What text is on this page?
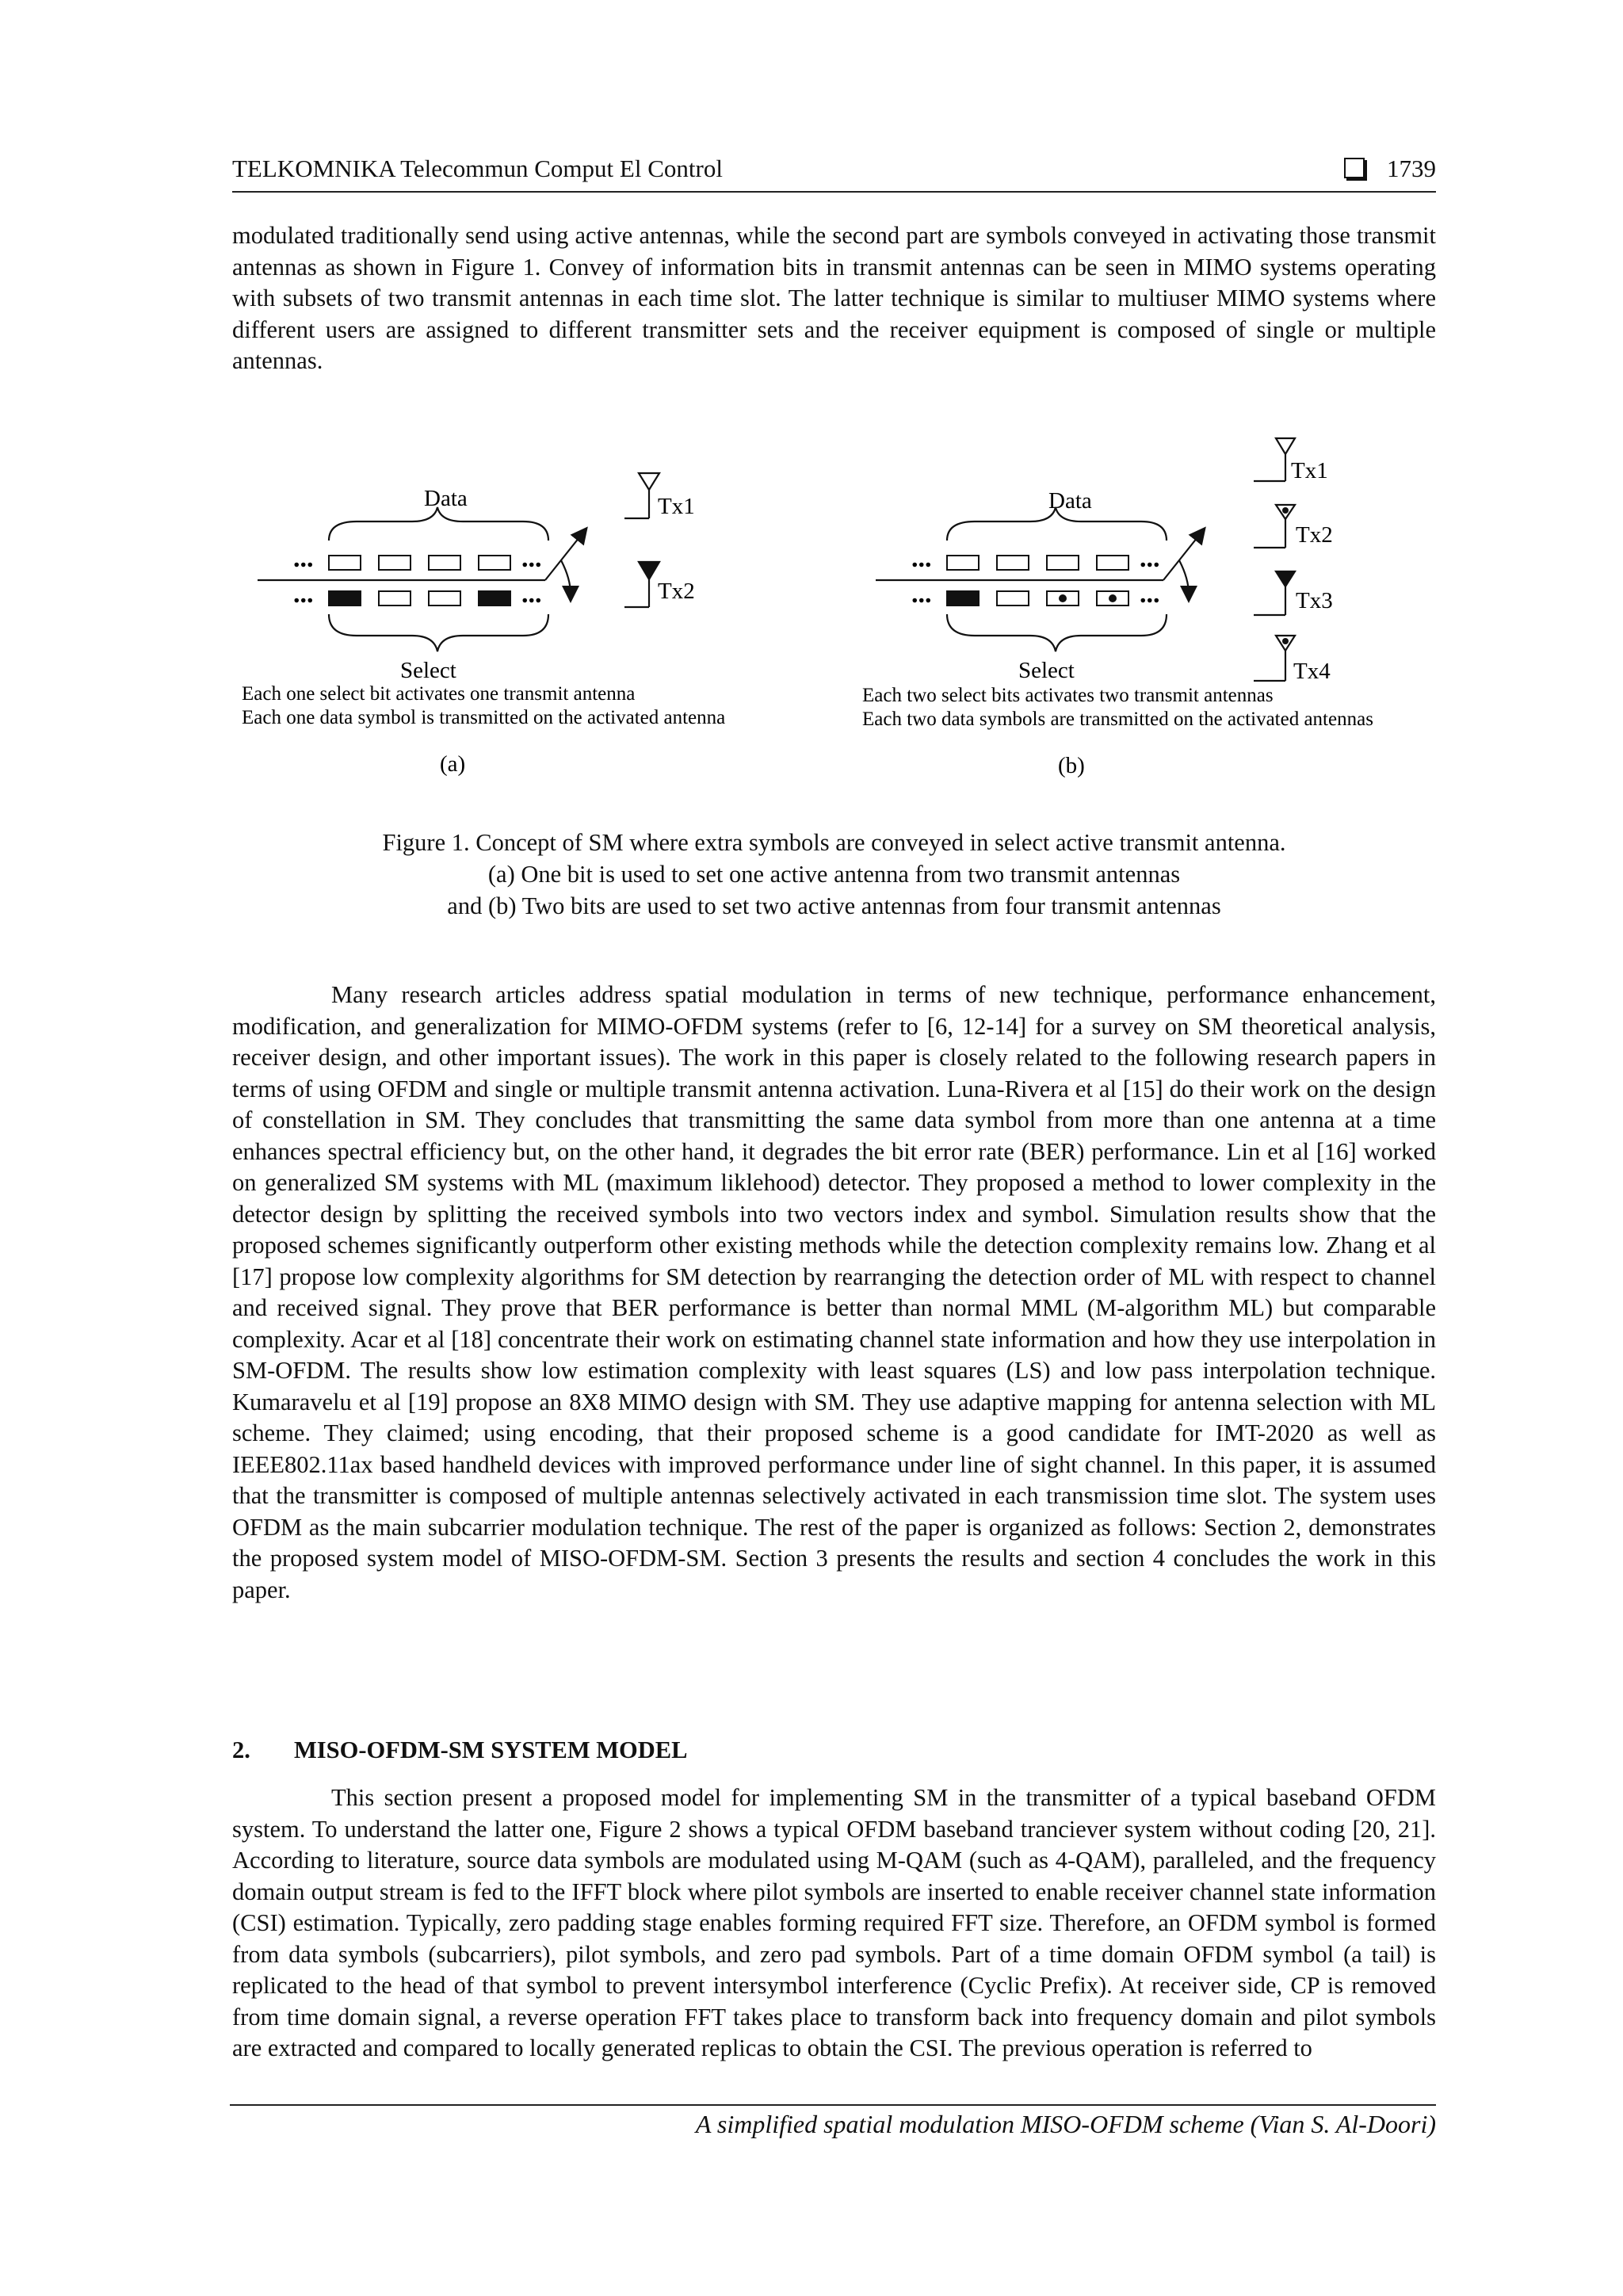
TELKOMNIKA Telecommun Comput El Control	1739

modulated traditionally send using active antennas, while the second part are symbols conveyed in activating those transmit antennas as shown in Figure 1. Convey of information bits in transmit antennas can be seen in MIMO systems operating with subsets of two transmit antennas in each time slot. The latter technique is similar to multiuser MIMO systems where different users are assigned to different transmitter sets and the receiver equipment is composed of single or multiple antennas.

Data
...	...
...	...
Select
Tx1
Tx2
Each one select bit activates one transmit antenna
Each one data symbol is transmitted on the activated antenna
(a)
Data
...	...
...	...
Select
Tx1
Tx2
Tx3
Tx4
Each two select bits activates two transmit antennas
Each two data symbols are transmitted on the activated antennas
(b)
Figure 1. Concept of SM where extra symbols are conveyed in select active transmit antenna.
(a) One bit is used to set one active antenna from two transmit antennas
and (b) Two bits are used to set two active antennas from four transmit antennas

Many research articles address spatial modulation in terms of new technique, performance enhancement, modification, and generalization for MIMO-OFDM systems (refer to [6, 12-14] for a survey on SM theoretical analysis, receiver design, and other important issues). The work in this paper is closely related to the following research papers in terms of using OFDM and single or multiple transmit antenna activation. Luna-Rivera et al [15] do their work on the design of constellation in SM. They concludes that transmitting the same data symbol from more than one antenna at a time enhances spectral efficiency but, on the other hand, it degrades the bit error rate (BER) performance. Lin et al [16] worked on generalized SM systems with ML (maximum liklehood) detector. They proposed a method to lower complexity in the detector design by splitting the received symbols into two vectors index and symbol. Simulation results show that the proposed schemes significantly outperform other existing methods while the detection complexity remains low. Zhang et al [17] propose low complexity algorithms for SM detection by rearranging the detection order of ML with respect to channel and received signal. They prove that BER performance is better than normal MML (M-algorithm ML) but comparable complexity. Acar et al [18] concentrate their work on estimating channel state information and how they use interpolation in SM-OFDM. The results show low estimation complexity with least squares (LS) and low pass interpolation technique. Kumaravelu et al [19] propose an 8X8 MIMO design with SM. They use adaptive mapping for antenna selection with ML scheme. They claimed; using encoding, that their proposed scheme is a good candidate for IMT-2020 as well as IEEE802.11ax based handheld devices with improved performance under line of sight channel. In this paper, it is assumed that the transmitter is composed of multiple antennas selectively activated in each transmission time slot. The system uses OFDM as the main subcarrier modulation technique. The rest of the paper is organized as follows: Section 2, demonstrates the proposed system model of MISO-OFDM-SM. Section 3 presents the results and section 4 concludes the work in this paper.

2. MISO-OFDM-SM SYSTEM MODEL

This section present a proposed model for implementing SM in the transmitter of a typical baseband OFDM system. To understand the latter one, Figure 2 shows a typical OFDM baseband tranciever system without coding [20, 21]. According to literature, source data symbols are modulated using M-QAM (such as 4-QAM), paralleled, and the frequency domain output stream is fed to the IFFT block where pilot symbols are inserted to enable receiver channel state information (CSI) estimation. Typically, zero padding stage enables forming required FFT size. Therefore, an OFDM symbol is formed from data symbols (subcarriers), pilot symbols, and zero pad symbols. Part of a time domain OFDM symbol (a tail) is replicated to the head of that symbol to prevent intersymbol interference (Cyclic Prefix). At receiver side, CP is removed from time domain signal, a reverse operation FFT takes place to transform back into frequency domain and pilot symbols are extracted and compared to locally generated replicas to obtain the CSI. The previous operation is referred to

A simplified spatial modulation MISO-OFDM scheme (Vian S. Al-Doori)
